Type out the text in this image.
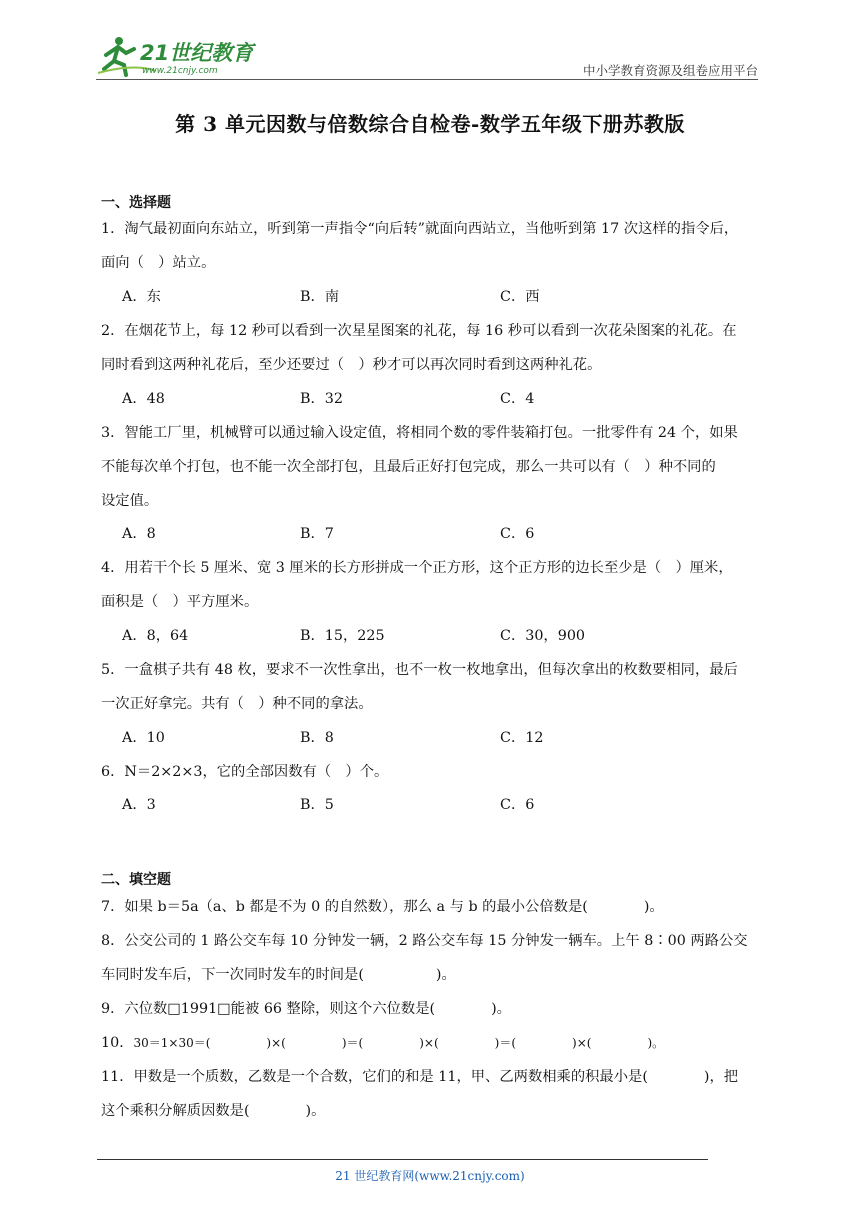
21世纪教育
www.21cnjy.com	中小学教育资源及组卷应用平台
第 3 单元因数与倍数综合自检卷-数学五年级下册苏教版
一、选择题
1．淘气最初面向东站立，听到第一声指令“向后转”就面向西站立，当他听到第 17 次这样的指令后，
面向（　）站立。
A．东	B．南	C．西
2．在烟花节上，每 12 秒可以看到一次星星图案的礼花，每 16 秒可以看到一次花朵图案的礼花。在
同时看到这两种礼花后，至少还要过（　）秒才可以再次同时看到这两种礼花。
A．48	B．32	C．4
3．智能工厂里，机械臂可以通过输入设定值，将相同个数的零件装箱打包。一批零件有 24 个，如果
不能每次单个打包，也不能一次全部打包，且最后正好打包完成，那么一共可以有（　）种不同的
设定值。
A．8	B．7	C．6
4．用若干个长 5 厘米、宽 3 厘米的长方形拼成一个正方形，这个正方形的边长至少是（　）厘米，
面积是（　）平方厘米。
A．8，64	B．15，225	C．30，900
5．一盒棋子共有 48 枚，要求不一次性拿出，也不一枚一枚地拿出，但每次拿出的枚数要相同，最后
一次正好拿完。共有（　）种不同的拿法。
A．10	B．8	C．12
6．N＝2×2×3，它的全部因数有（　）个。
A．3	B．5	C．6
二、填空题
7．如果 b＝5a（a、b 都是不为 0 的自然数），那么 a 与 b 的最小公倍数是(	)。
8．公交公司的 1 路公交车每 10 分钟发一辆，2 路公交车每 15 分钟发一辆车。上午 8∶00 两路公交
车同时发车后，下一次同时发车的时间是(	)。
9．六位数□1991□能被 66 整除，则这个六位数是(	)。
10．30＝1×30＝(	)×(	)＝(	)×(	)＝(	)×(	)。
11．甲数是一个质数，乙数是一个合数，它们的和是 11，甲、乙两数相乘的积最小是(	)，把
这个乘积分解质因数是(	)。
21 世纪教育网(www.21cnjy.com)
